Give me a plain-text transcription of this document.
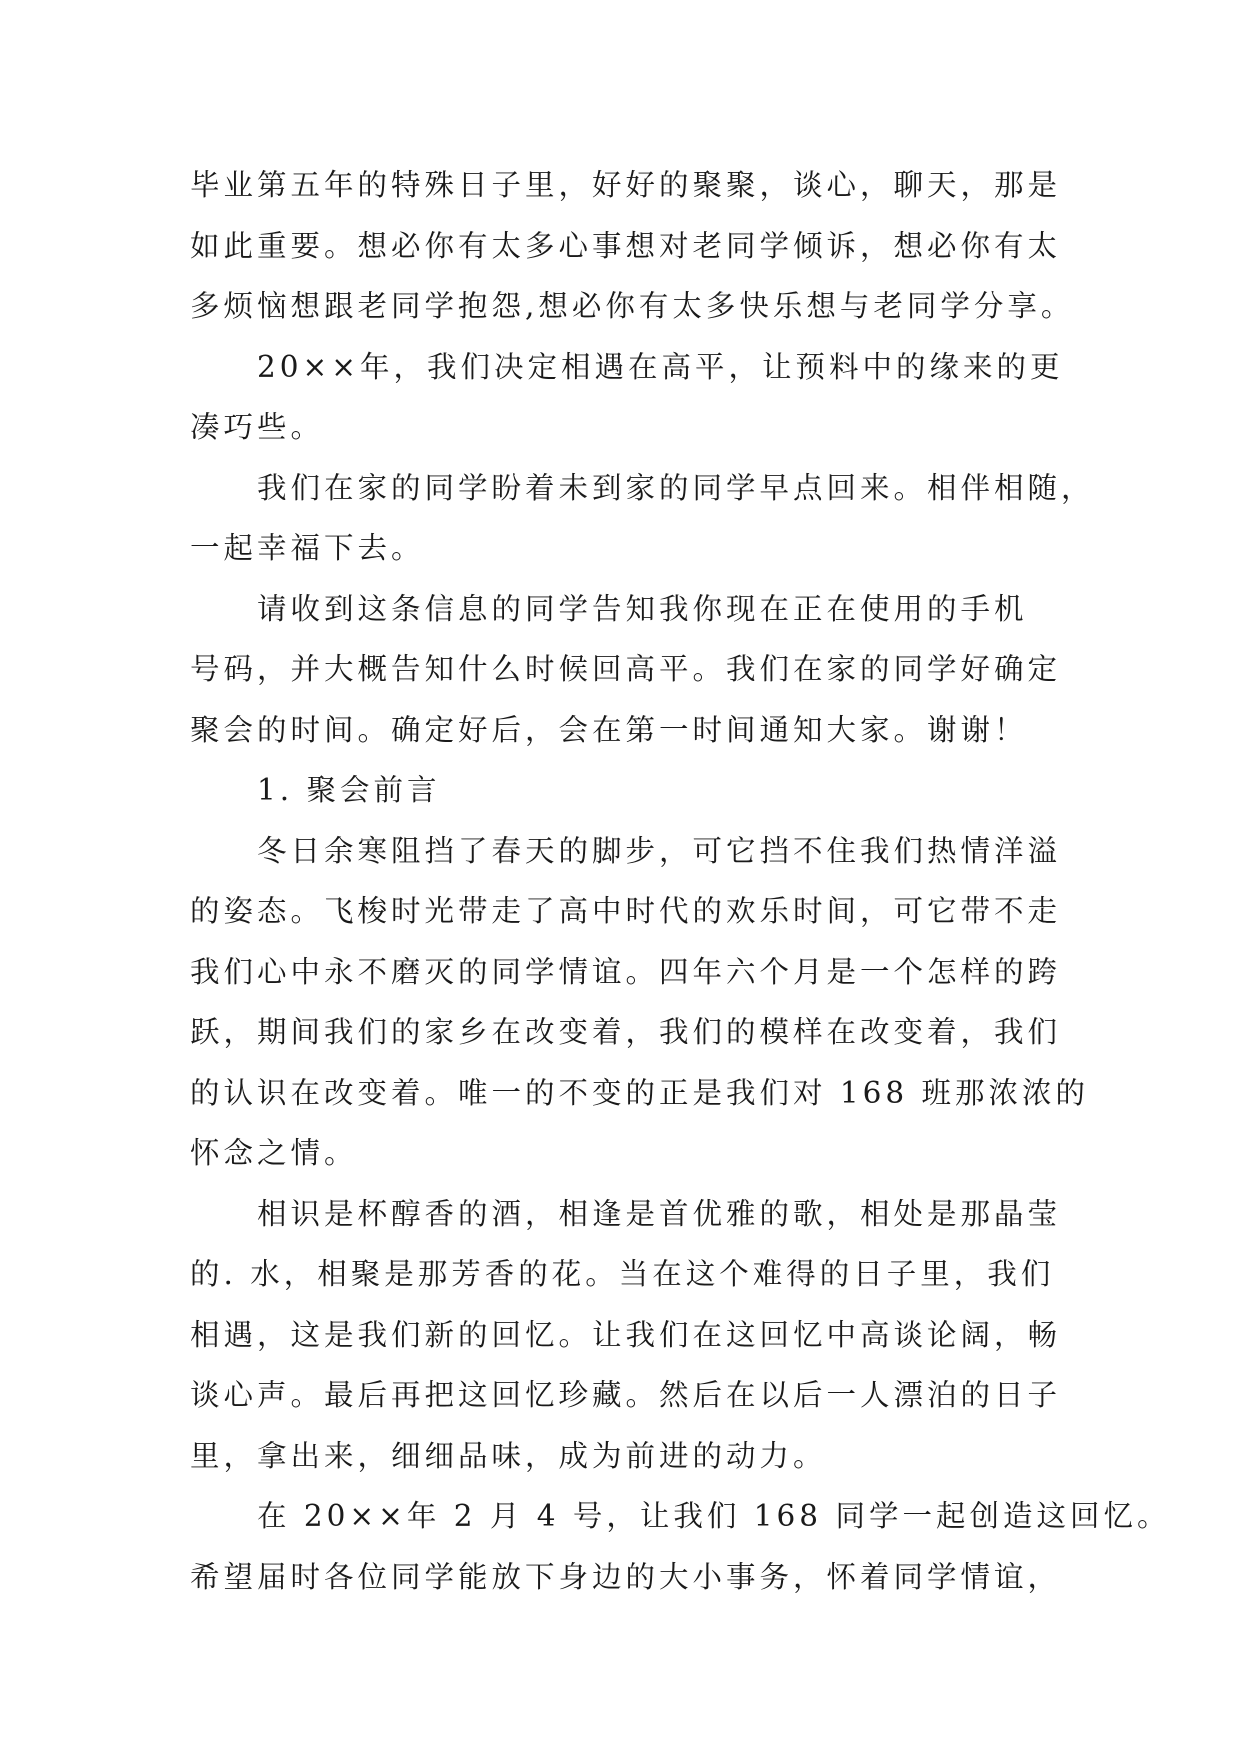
毕业第五年的特殊日子里，好好的聚聚，谈心，聊天，那是
如此重要。想必你有太多心事想对老同学倾诉，想必你有太
多烦恼想跟老同学抱怨,想必你有太多快乐想与老同学分享。
20××年，我们决定相遇在高平，让预料中的缘来的更
凑巧些。
我们在家的同学盼着未到家的同学早点回来。相伴相随，
一起幸福下去。
请收到这条信息的同学告知我你现在正在使用的手机
号码，并大概告知什么时候回高平。我们在家的同学好确定
聚会的时间。确定好后，会在第一时间通知大家。谢谢！
1. 聚会前言
冬日余寒阻挡了春天的脚步，可它挡不住我们热情洋溢
的姿态。飞梭时光带走了高中时代的欢乐时间，可它带不走
我们心中永不磨灭的同学情谊。四年六个月是一个怎样的跨
跃，期间我们的家乡在改变着，我们的模样在改变着，我们
的认识在改变着。唯一的不变的正是我们对 168 班那浓浓的
怀念之情。
相识是杯醇香的酒，相逢是首优雅的歌，相处是那晶莹
的. 水，相聚是那芳香的花。当在这个难得的日子里，我们
相遇，这是我们新的回忆。让我们在这回忆中高谈论阔，畅
谈心声。最后再把这回忆珍藏。然后在以后一人漂泊的日子
里，拿出来，细细品味，成为前进的动力。
在 20××年 2 月 4 号，让我们 168 同学一起创造这回忆。
希望届时各位同学能放下身边的大小事务，怀着同学情谊，
